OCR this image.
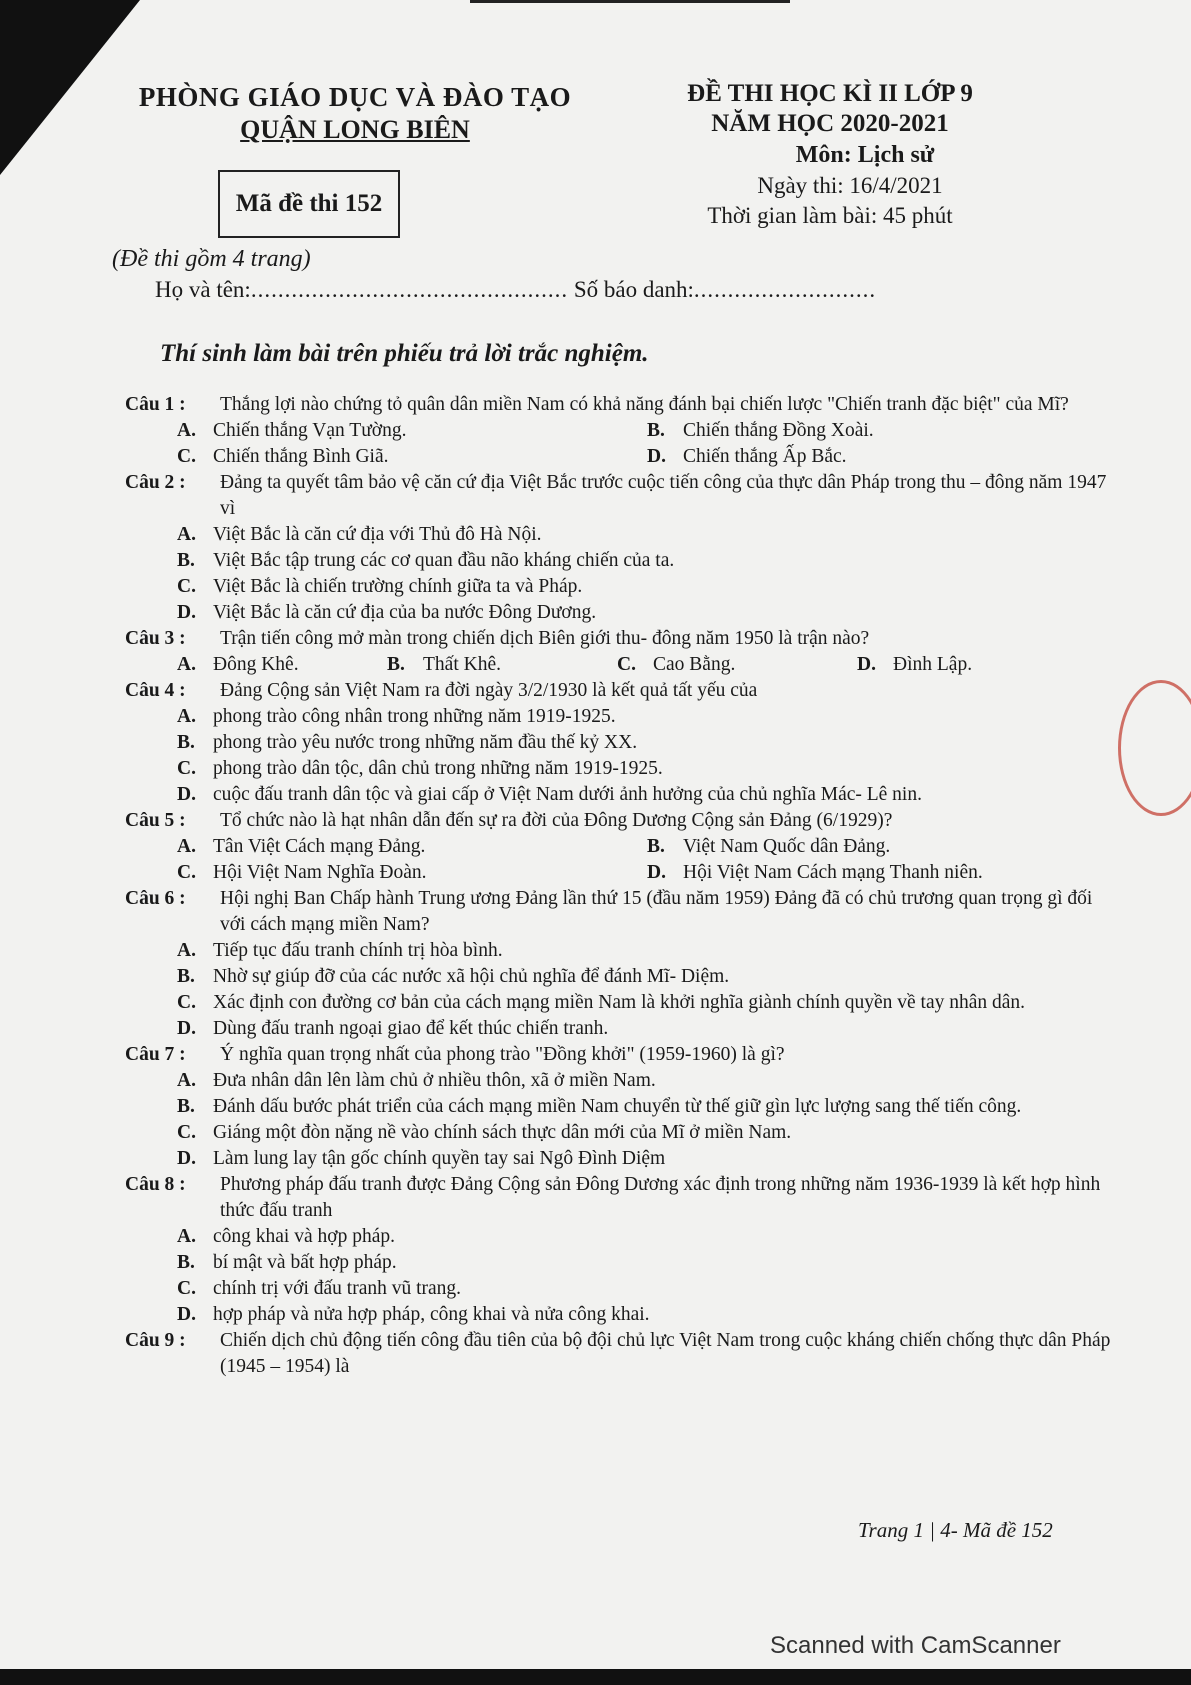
PHÒNG GIÁO DỤC VÀ ĐÀO TẠO
QUẬN LONG BIÊN
Mã đề thi 152
ĐỀ THI HỌC KÌ II LỚP 9
NĂM HỌC 2020-2021
Môn: Lịch sử
Ngày thi: 16/4/2021
Thời gian làm bài: 45 phút
(Đề thi gồm 4 trang)
Họ và tên:............................................... Số báo danh:...........................
Thí sinh làm bài trên phiếu trả lời trắc nghiệm.
Câu 1 :	Thắng lợi nào chứng tỏ quân dân miền Nam có khả năng đánh bại chiến lược "Chiến tranh đặc biệt" của Mĩ?
A. Chiến thắng Vạn Tường.	B. Chiến thắng Đồng Xoài.
C. Chiến thắng Bình Giã.	D. Chiến thắng Ấp Bắc.
Câu 2 :	Đảng ta quyết tâm bảo vệ căn cứ địa Việt Bắc trước cuộc tiến công của thực dân Pháp trong thu – đông năm 1947 vì
A. Việt Bắc là căn cứ địa với Thủ đô Hà Nội.
B. Việt Bắc tập trung các cơ quan đầu não kháng chiến của ta.
C. Việt Bắc là chiến trường chính giữa ta và Pháp.
D. Việt Bắc là căn cứ địa của ba nước Đông Dương.
Câu 3 :	Trận tiến công mở màn trong chiến dịch Biên giới thu- đông năm 1950 là trận nào?
A. Đông Khê.	B. Thất Khê.	C. Cao Bằng.	D. Đình Lập.
Câu 4 :	Đảng Cộng sản Việt Nam ra đời ngày 3/2/1930 là kết quả tất yếu của
A. phong trào công nhân trong những năm 1919-1925.
B. phong trào yêu nước trong những năm đầu thế kỷ XX.
C. phong trào dân tộc, dân chủ trong những năm 1919-1925.
D. cuộc đấu tranh dân tộc và giai cấp ở Việt Nam dưới ảnh hưởng của chủ nghĩa Mác- Lê nin.
Câu 5 :	Tổ chức nào là hạt nhân dẫn đến sự ra đời của Đông Dương Cộng sản Đảng (6/1929)?
A. Tân Việt Cách mạng Đảng.	B. Việt Nam Quốc dân Đảng.
C. Hội Việt Nam Nghĩa Đoàn.	D. Hội Việt Nam Cách mạng Thanh niên.
Câu 6 :	Hội nghị Ban Chấp hành Trung ương Đảng lần thứ 15 (đầu năm 1959) Đảng đã có chủ trương quan trọng gì đối với cách mạng miền Nam?
A. Tiếp tục đấu tranh chính trị hòa bình.
B. Nhờ sự giúp đỡ của các nước xã hội chủ nghĩa để đánh Mĩ- Diệm.
C. Xác định con đường cơ bản của cách mạng miền Nam là khởi nghĩa giành chính quyền về tay nhân dân.
D. Dùng đấu tranh ngoại giao để kết thúc chiến tranh.
Câu 7 :	Ý nghĩa quan trọng nhất của phong trào "Đồng khởi" (1959-1960) là gì?
A. Đưa nhân dân lên làm chủ ở nhiều thôn, xã ở miền Nam.
B. Đánh dấu bước phát triển của cách mạng miền Nam chuyển từ thế giữ gìn lực lượng sang thế tiến công.
C. Giáng một đòn nặng nề vào chính sách thực dân mới của Mĩ ở miền Nam.
D. Làm lung lay tận gốc chính quyền tay sai Ngô Đình Diệm
Câu 8 :	Phương pháp đấu tranh được Đảng Cộng sản Đông Dương xác định trong những năm 1936-1939 là kết hợp hình thức đấu tranh
A. công khai và hợp pháp.
B. bí mật và bất hợp pháp.
C. chính trị với đấu tranh vũ trang.
D. hợp pháp và nửa hợp pháp, công khai và nửa công khai.
Câu 9 :	Chiến dịch chủ động tiến công đầu tiên của bộ đội chủ lực Việt Nam trong cuộc kháng chiến chống thực dân Pháp (1945 – 1954) là
Trang 1 | 4- Mã đề 152
Scanned with CamScanner
